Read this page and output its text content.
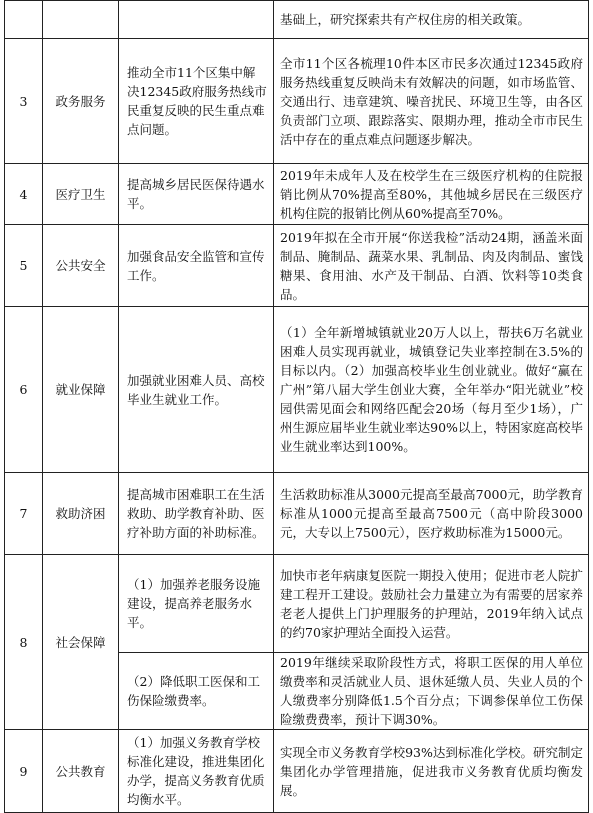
			基础上，研究探索共有产权住房的相关政策。
3	政务服务	推动全市11个区集中解决12345政府服务热线市民重复反映的民生重点难点问题。	全市11个区各梳理10件本区市民多次通过12345政府服务热线重复反映尚未有效解决的问题，如市场监管、交通出行、违章建筑、噪音扰民、环境卫生等，由各区负责部门立项、跟踪落实、限期办理，推动全市市民生活中存在的重点难点问题逐步解决。
4	医疗卫生	提高城乡居民医保待遇水平。	2019年未成年人及在校学生在三级医疗机构的住院报销比例从70%提高至80%，其他城乡居民在三级医疗机构住院的报销比例从60%提高至70%。
5	公共安全	加强食品安全监管和宣传工作。	2019年拟在全市开展“你送我检”活动24期，涵盖米面制品、腌制品、蔬菜水果、乳制品、肉及肉制品、蜜饯糖果、食用油、水产及干制品、白酒、饮料等10类食品。
6	就业保障	加强就业困难人员、高校毕业生就业工作。	（1）全年新增城镇就业20万人以上，帮扶6万名就业困难人员实现再就业，城镇登记失业率控制在3.5%的目标以内。（2）加强高校毕业生创业就业。做好“赢在广州”第八届大学生创业大赛，全年举办“阳光就业”校园供需见面会和网络匹配会20场（每月至少1场），广州生源应届毕业生就业率达90%以上，特困家庭高校毕业生就业率达到100%。
7	救助济困	提高城市困难职工在生活救助、助学教育补助、医疗补助方面的补助标准。	生活救助标准从3000元提高至最高7000元，助学教育标准从1000元提高至最高7500元（高中阶段3000元，大专以上7500元），医疗救助标准为15000元。
8	社会保障	（1）加强养老服务设施建设，提高养老服务水平。	加快市老年病康复医院一期投入使用；促进市老人院扩建工程开工建设。鼓励社会力量建立为有需要的居家养老老人提供上门护理服务的护理站，2019年纳入试点的约70家护理站全面投入运营。
		（2）降低职工医保和工伤保险缴费率。	2019年继续采取阶段性方式，将职工医保的用人单位缴费率和灵活就业人员、退休延缴人员、失业人员的个人缴费率分别降低1.5个百分点；下调参保单位工伤保险缴费费率，预计下调30%。
9	公共教育	（1）加强义务教育学校标准化建设，推进集团化办学，提高义务教育优质均衡水平。	实现全市义务教育学校93%达到标准化学校。研究制定集团化办学管理措施，促进我市义务教育优质均衡发展。
